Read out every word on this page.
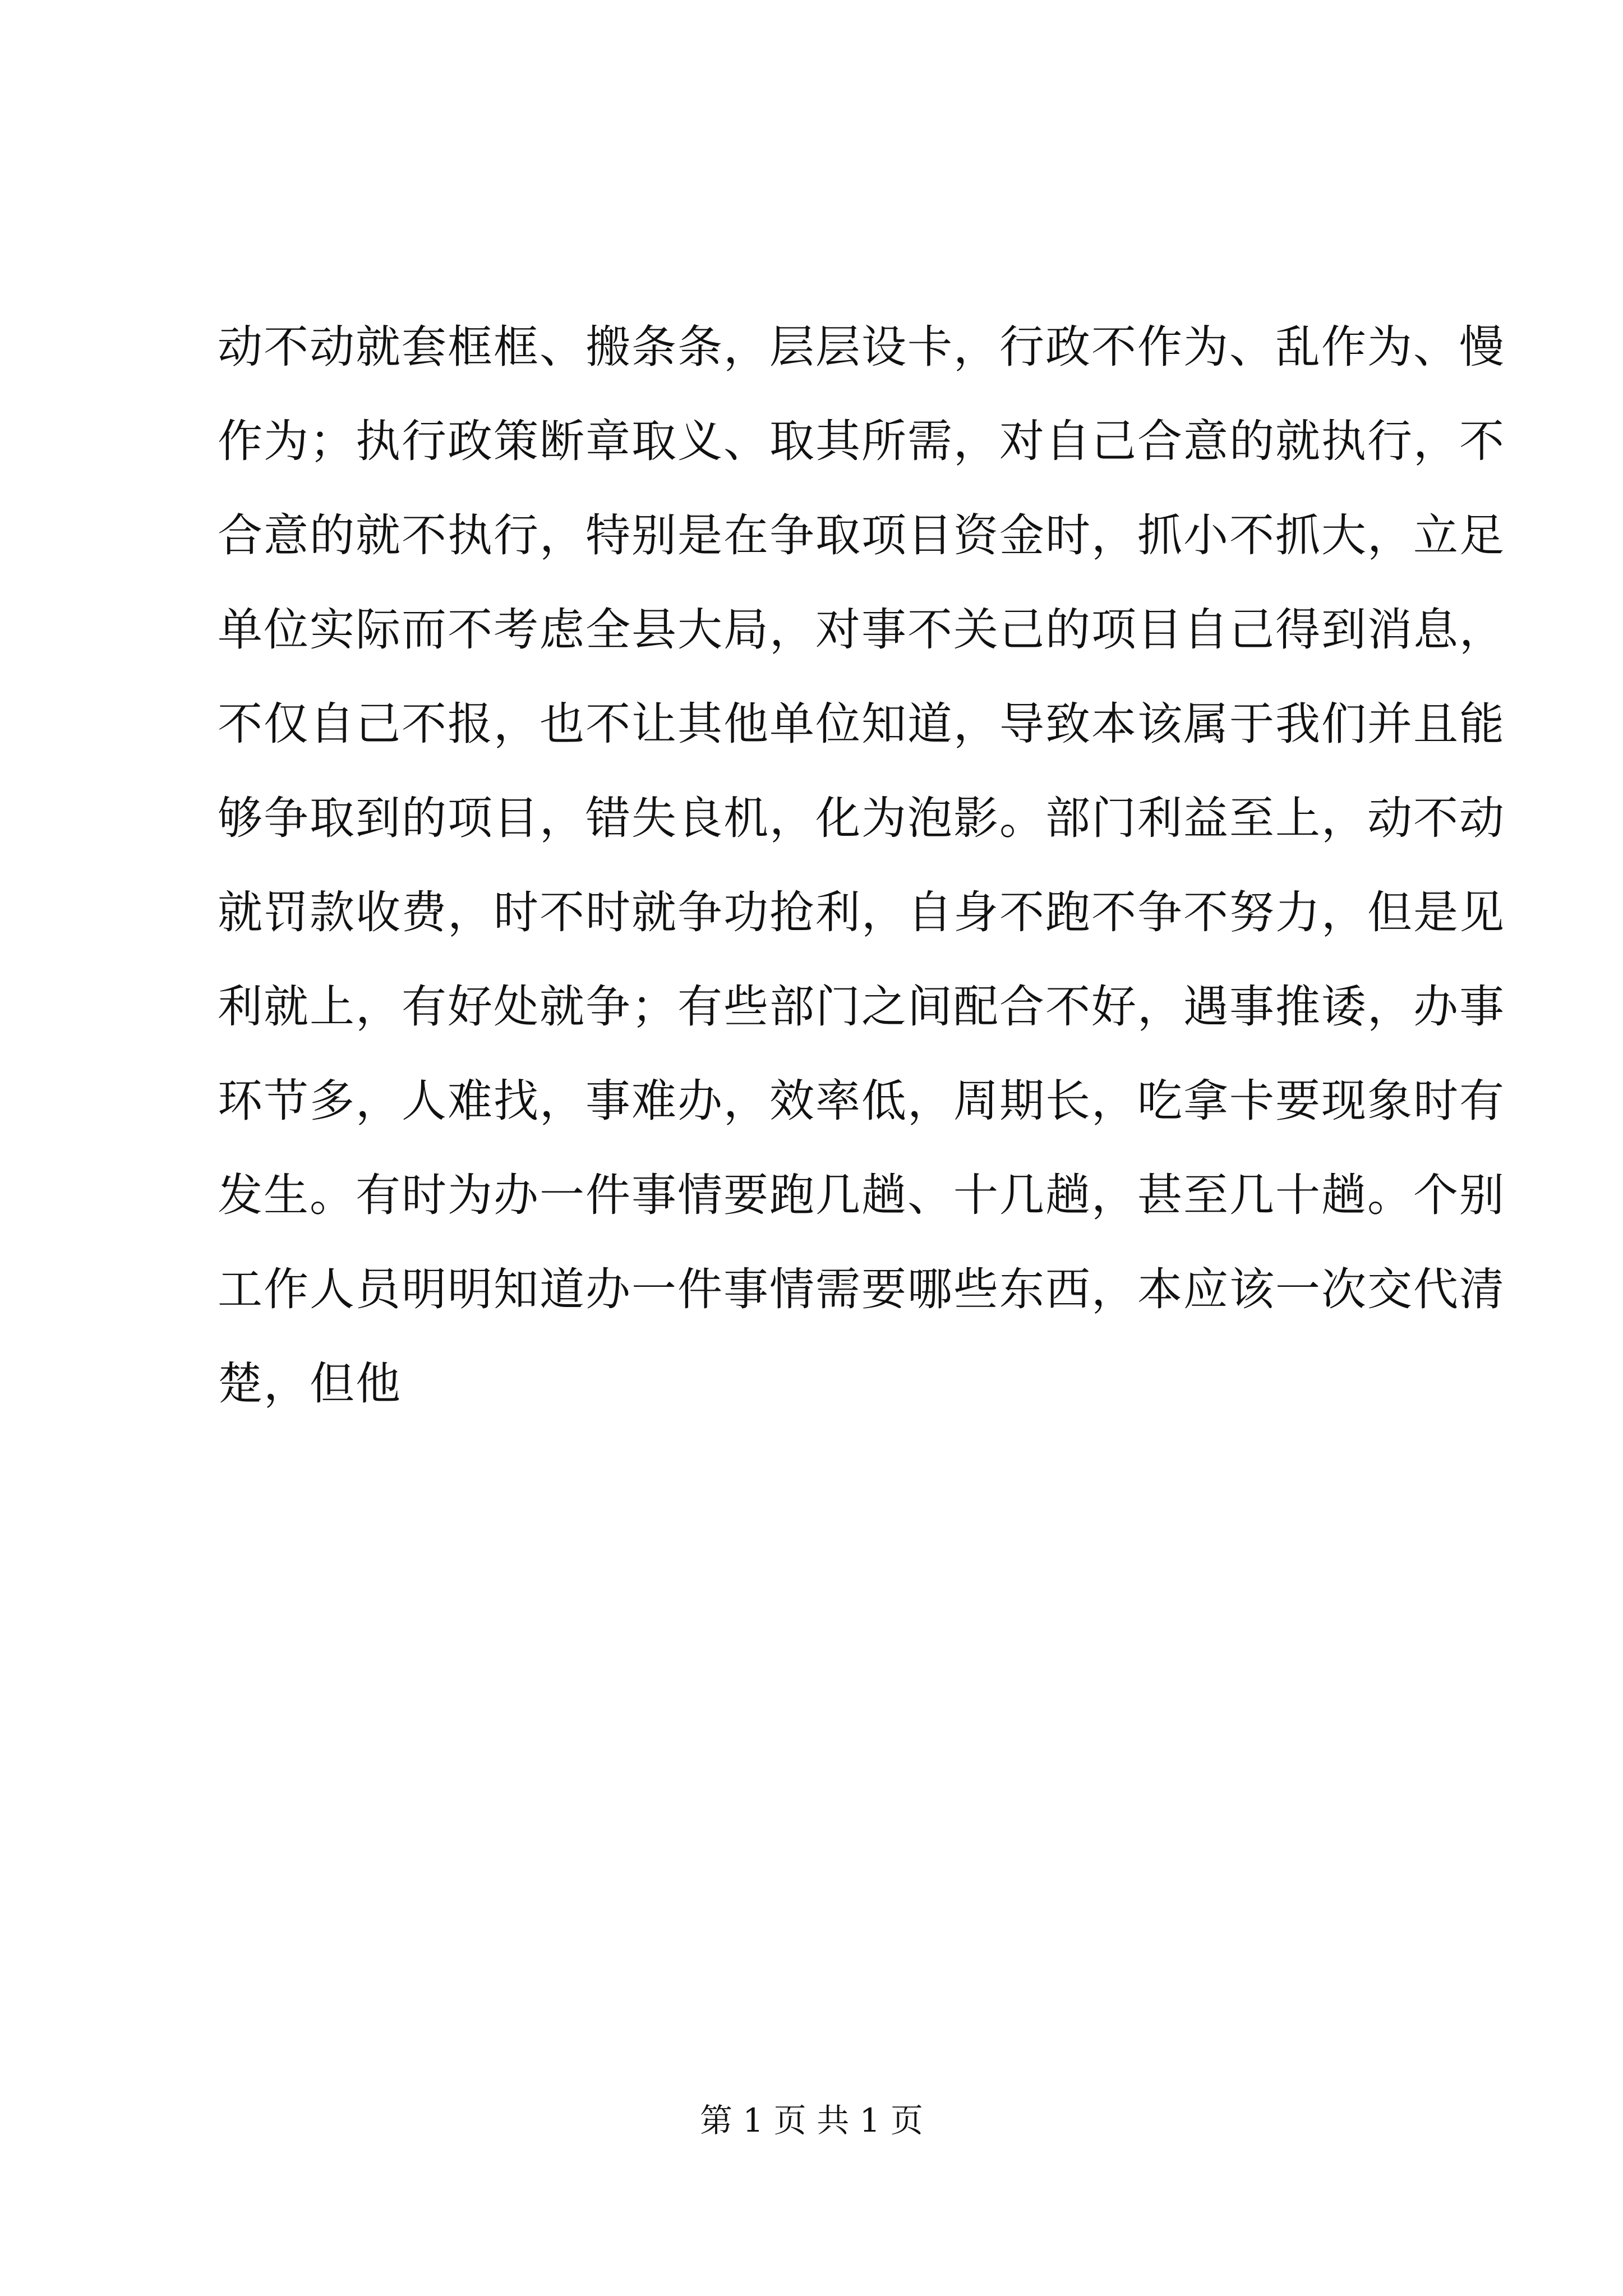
动不动就套框框、搬条条，层层设卡，行政不作为、乱作为、慢
作为；执行政策断章取义、取其所需，对自己合意的就执行，不
合意的就不执行，特别是在争取项目资金时，抓小不抓大，立足
单位实际而不考虑全县大局，对事不关己的项目自己得到消息，
不仅自己不报，也不让其他单位知道，导致本该属于我们并且能
够争取到的项目，错失良机，化为泡影。部门利益至上，动不动
就罚款收费，时不时就争功抢利，自身不跑不争不努力，但是见
利就上，有好处就争；有些部门之间配合不好，遇事推诿，办事
环节多，人难找，事难办，效率低，周期长，吃拿卡要现象时有
发生。有时为办一件事情要跑几趟、十几趟，甚至几十趟。个别
工作人员明明知道办一件事情需要哪些东西，本应该一次交代清
楚，但他
第 1 页 共 1 页
